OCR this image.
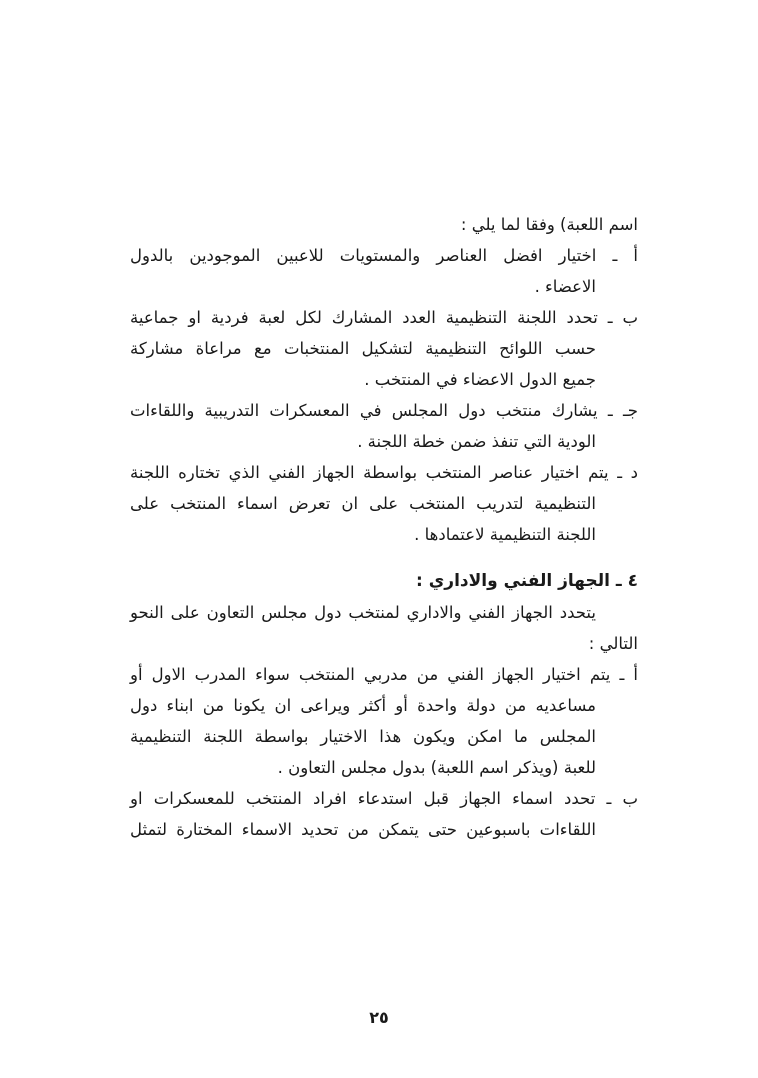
اسم اللعبة) وفقا لما يلي :
أ ـ اختيار افضل العناصر والمستويات للاعبين الموجودين بالدول
الاعضاء .
ب ـ تحدد اللجنة التنظيمية العدد المشارك لكل لعبة فردية او جماعية
حسب اللوائح التنظيمية لتشكيل المنتخبات مع مراعاة مشاركة
جميع الدول الاعضاء في المنتخب .
جـ ـ يشارك منتخب دول المجلس في المعسكرات التدريبية واللقاءات
الودية التي تنفذ ضمن خطة اللجنة .
د ـ يتم اختيار عناصر المنتخب بواسطة الجهاز الفني الذي تختاره اللجنة
التنظيمية لتدريب المنتخب على ان تعرض اسماء المنتخب على
اللجنة التنظيمية لاعتمادها .
٤ ـ الجهاز الفني والاداري :
يتحدد الجهاز الفني والاداري لمنتخب دول مجلس التعاون على النحو
التالي :
أ ـ يتم اختيار الجهاز الفني من مدربي المنتخب سواء المدرب الاول أو
مساعديه من دولة واحدة أو أكثر ويراعى ان يكونا من ابناء دول
المجلس ما امكن ويكون هذا الاختيار بواسطة اللجنة التنظيمية
للعبة (ويذكر اسم اللعبة) بدول مجلس التعاون .
ب ـ تحدد اسماء الجهاز قبل استدعاء افراد المنتخب للمعسكرات او
اللقاءات باسبوعين حتى يتمكن من تحديد الاسماء المختارة لتمثل
٢٥
